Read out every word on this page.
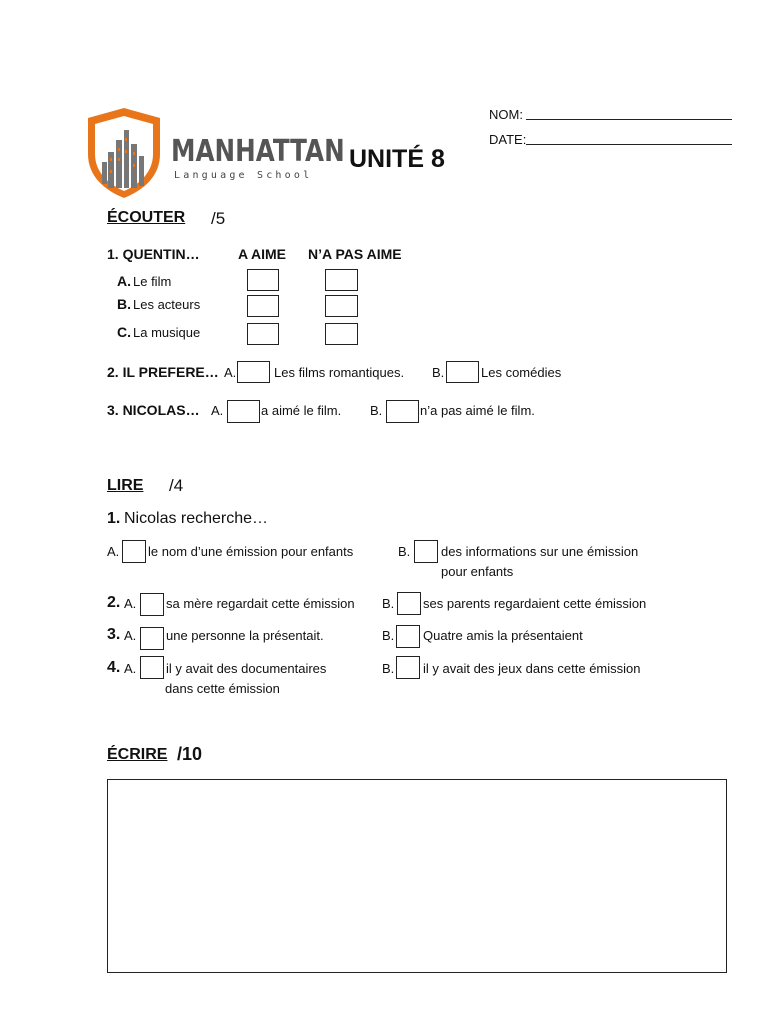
MANHATTAN
Language School
UNITÉ 8
NOM:
DATE:
ÉCOUTER /5
1. QUENTIN…	A AIME N’A PAS AIME
A. Le film
B. Les acteurs
C. La musique
2. IL PREFERE… A.	Les films romantiques. B.	Les comédies
3. NICOLAS… A.	a aimé le film. B.	n’a pas aimé le film.
LIRE /4
1. Nicolas recherche…
A. le nom d’une émission pour enfants	B. des informations sur une émission
pour enfants
2. A. sa mère regardait cette émission B. ses parents regardaient cette émission
3. A. une personne la présentait.	B. Quatre amis la présentaient
4. A. il y avait des documentaires
dans cette émission
B. il y avait des jeux dans cette émission
ÉCRIRE /10
